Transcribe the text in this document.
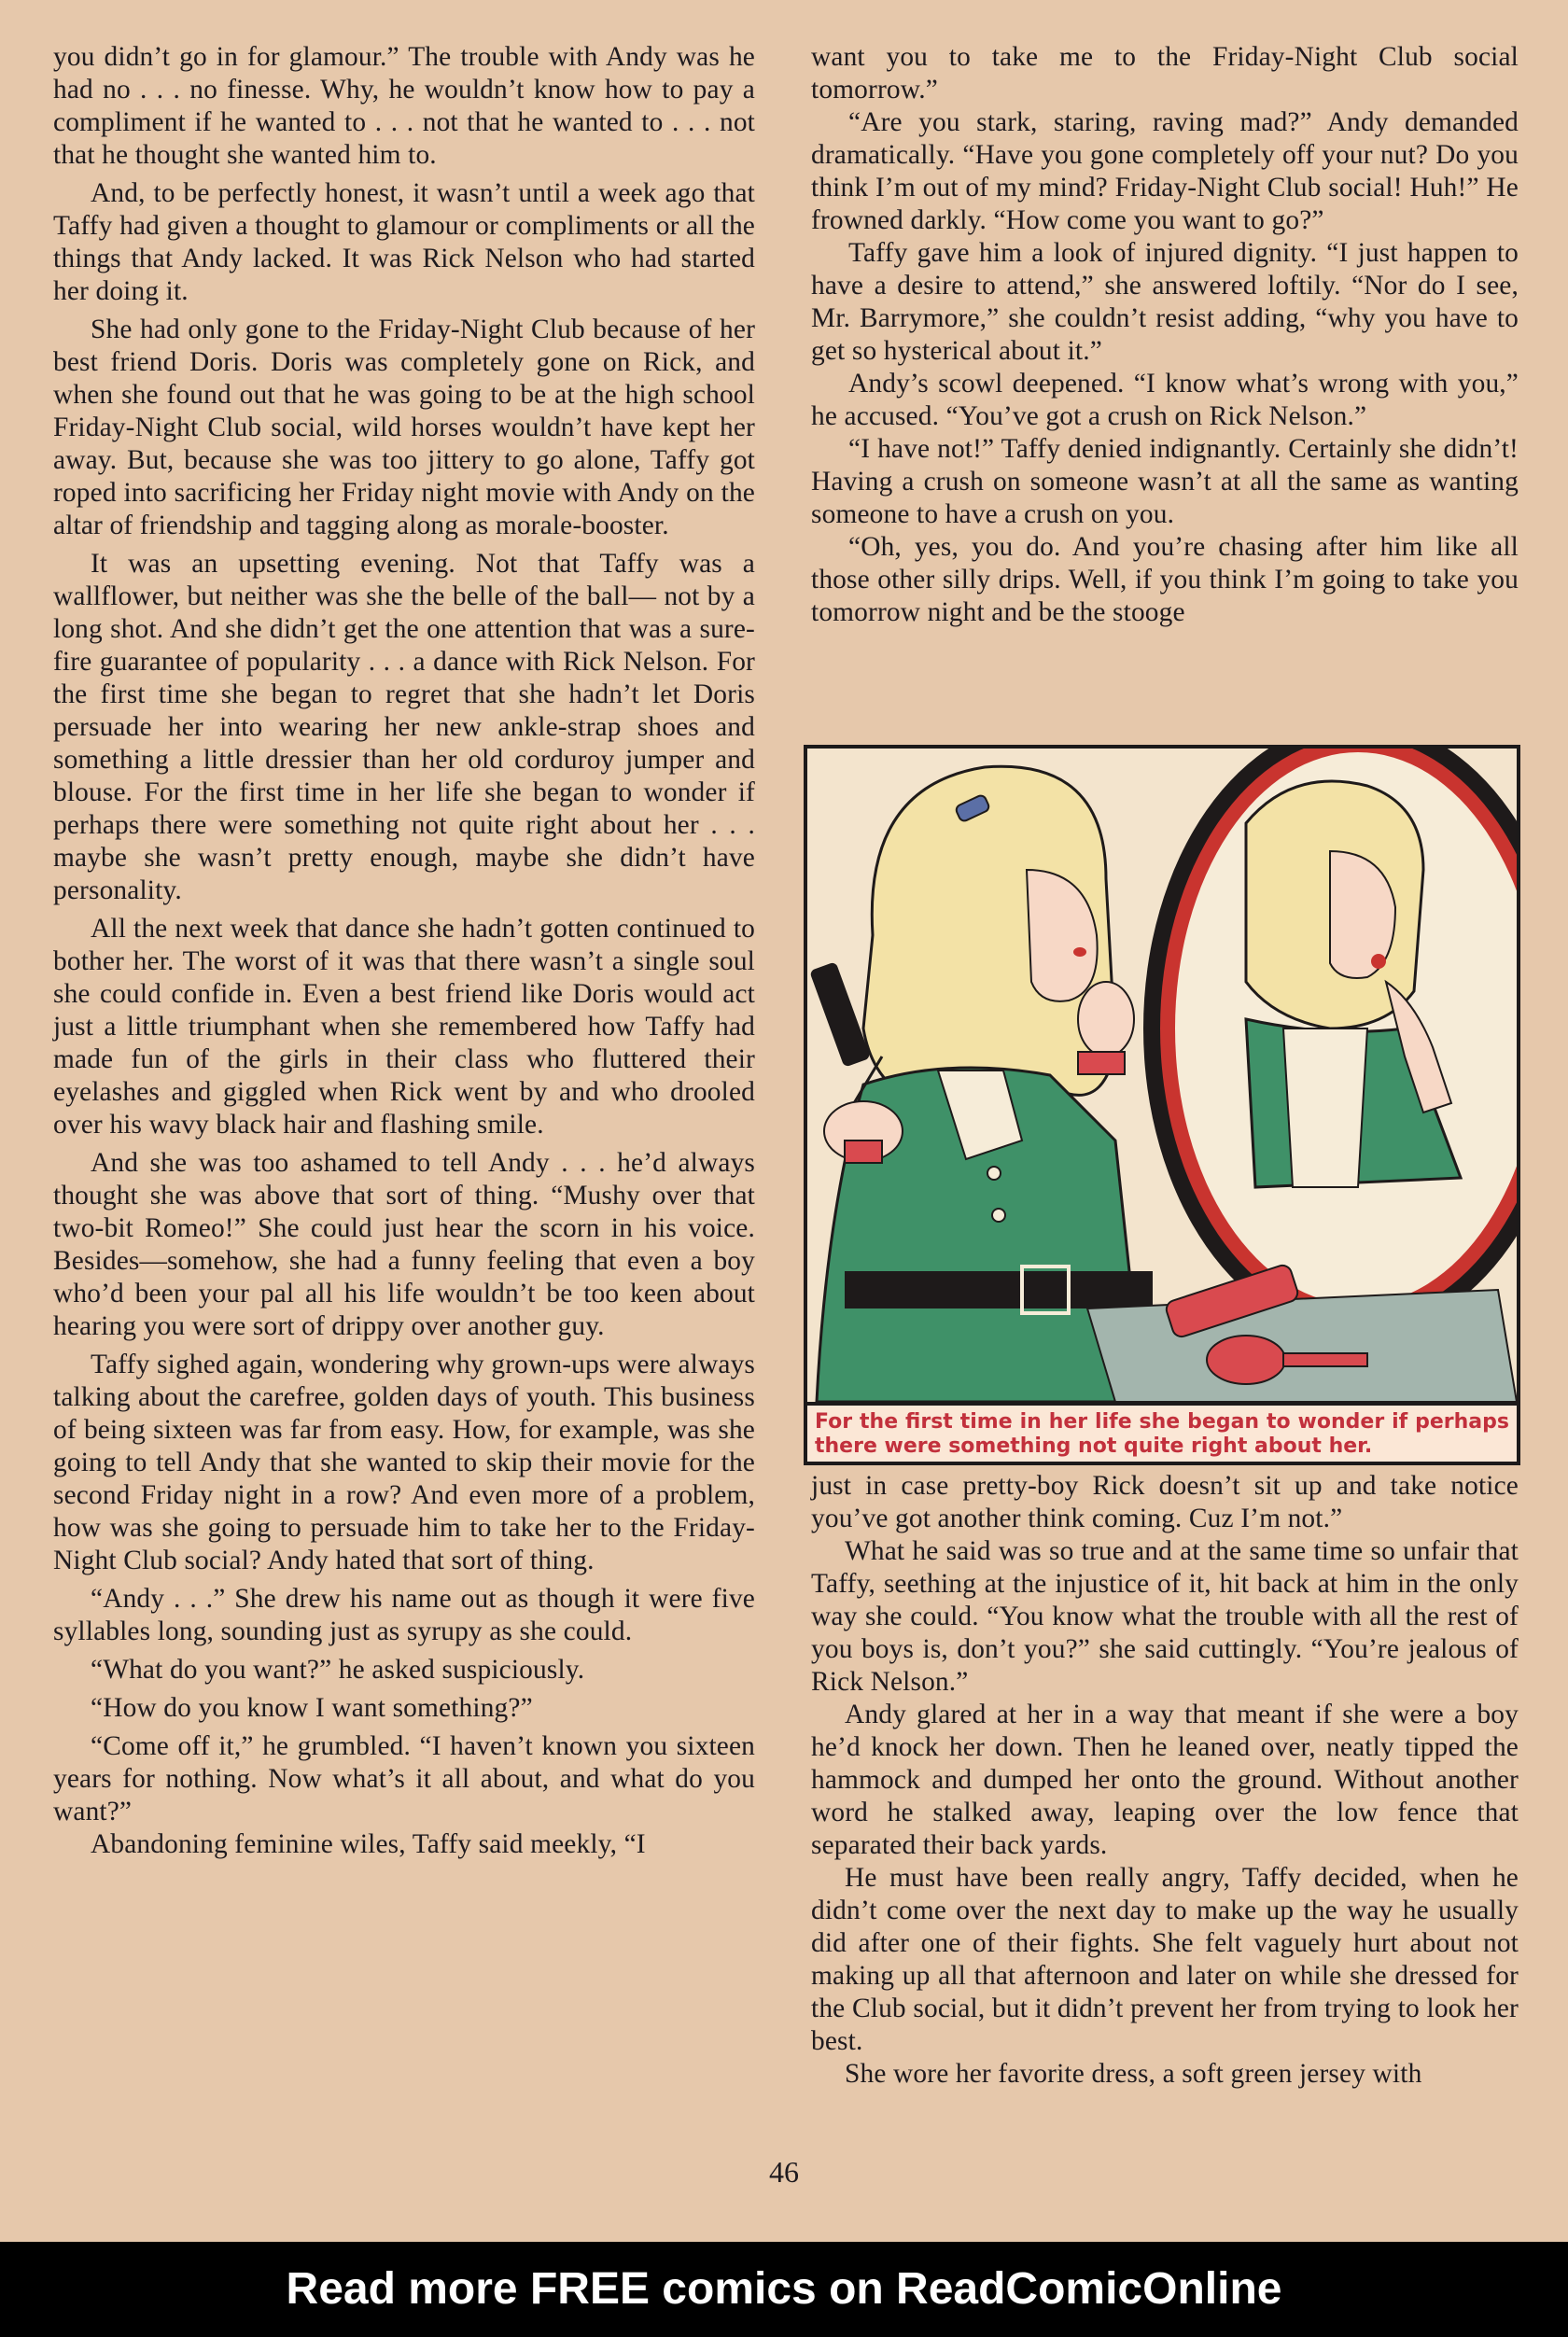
you didn’t go in for glamour.” The trouble with Andy was he had no . . . no finesse. Why, he wouldn’t know how to pay a compliment if he wanted to . . . not that he wanted to . . . not that he thought she wanted him to.

And, to be perfectly honest, it wasn’t until a week ago that Taffy had given a thought to glamour or compliments or all the things that Andy lacked. It was Rick Nelson who had started her doing it.

She had only gone to the Friday-Night Club because of her best friend Doris. Doris was completely gone on Rick, and when she found out that he was going to be at the high school Friday-Night Club social, wild horses wouldn’t have kept her away. But, because she was too jittery to go alone, Taffy got roped into sacrificing her Friday night movie with Andy on the altar of friendship and tagging along as morale-booster.

It was an upsetting evening. Not that Taffy was a wallflower, but neither was she the belle of the ball— not by a long shot. And she didn’t get the one attention that was a sure-fire guarantee of popularity . . . a dance with Rick Nelson. For the first time she began to regret that she hadn’t let Doris persuade her into wearing her new ankle-strap shoes and something a little dressier than her old corduroy jumper and blouse. For the first time in her life she began to wonder if perhaps there were something not quite right about her . . . maybe she wasn’t pretty enough, maybe she didn’t have personality.

All the next week that dance she hadn’t gotten continued to bother her. The worst of it was that there wasn’t a single soul she could confide in. Even a best friend like Doris would act just a little triumphant when she remembered how Taffy had made fun of the girls in their class who fluttered their eyelashes and giggled when Rick went by and who drooled over his wavy black hair and flashing smile.

And she was too ashamed to tell Andy . . . he’d always thought she was above that sort of thing. “Mushy over that two-bit Romeo!” She could just hear the scorn in his voice. Besides—somehow, she had a funny feeling that even a boy who’d been your pal all his life wouldn’t be too keen about hearing you were sort of drippy over another guy.

Taffy sighed again, wondering why grown-ups were always talking about the carefree, golden days of youth. This business of being sixteen was far from easy. How, for example, was she going to tell Andy that she wanted to skip their movie for the second Friday night in a row? And even more of a problem, how was she going to persuade him to take her to the Friday-Night Club social? Andy hated that sort of thing.

“Andy . . .” She drew his name out as though it were five syllables long, sounding just as syrupy as she could.

“What do you want?” he asked suspiciously.

“How do you know I want something?”

“Come off it,” he grumbled. “I haven’t known you sixteen years for nothing. Now what’s it all about, and what do you want?”

Abandoning feminine wiles, Taffy said meekly, “I

want you to take me to the Friday-Night Club social tomorrow.”

“Are you stark, staring, raving mad?” Andy demanded dramatically. “Have you gone completely off your nut? Do you think I’m out of my mind? Friday-Night Club social! Huh!” He frowned darkly. “How come you want to go?”

Taffy gave him a look of injured dignity. “I just happen to have a desire to attend,” she answered loftily. “Nor do I see, Mr. Barrymore,” she couldn’t resist adding, “why you have to get so hysterical about it.”

Andy’s scowl deepened. “I know what’s wrong with you,” he accused. “You’ve got a crush on Rick Nelson.”

“I have not!” Taffy denied indignantly. Certainly she didn’t! Having a crush on someone wasn’t at all the same as wanting someone to have a crush on you.

“Oh, yes, you do. And you’re chasing after him like all those other silly drips. Well, if you think I’m going to take you tomorrow night and be the stooge

For the first time in her life she began to wonder if perhaps there were something not quite right about her.

just in case pretty-boy Rick doesn’t sit up and take notice you’ve got another think coming. Cuz I’m not.”

What he said was so true and at the same time so unfair that Taffy, seething at the injustice of it, hit back at him in the only way she could. “You know what the trouble with all the rest of you boys is, don’t you?” she said cuttingly. “You’re jealous of Rick Nelson.”

Andy glared at her in a way that meant if she were a boy he’d knock her down. Then he leaned over, neatly tipped the hammock and dumped her onto the ground. Without another word he stalked away, leaping over the low fence that separated their back yards.

He must have been really angry, Taffy decided, when he didn’t come over the next day to make up the way he usually did after one of their fights. She felt vaguely hurt about not making up all that afternoon and later on while she dressed for the Club social, but it didn’t prevent her from trying to look her best.

She wore her favorite dress, a soft green jersey with

46
Read more FREE comics on ReadComicOnline
